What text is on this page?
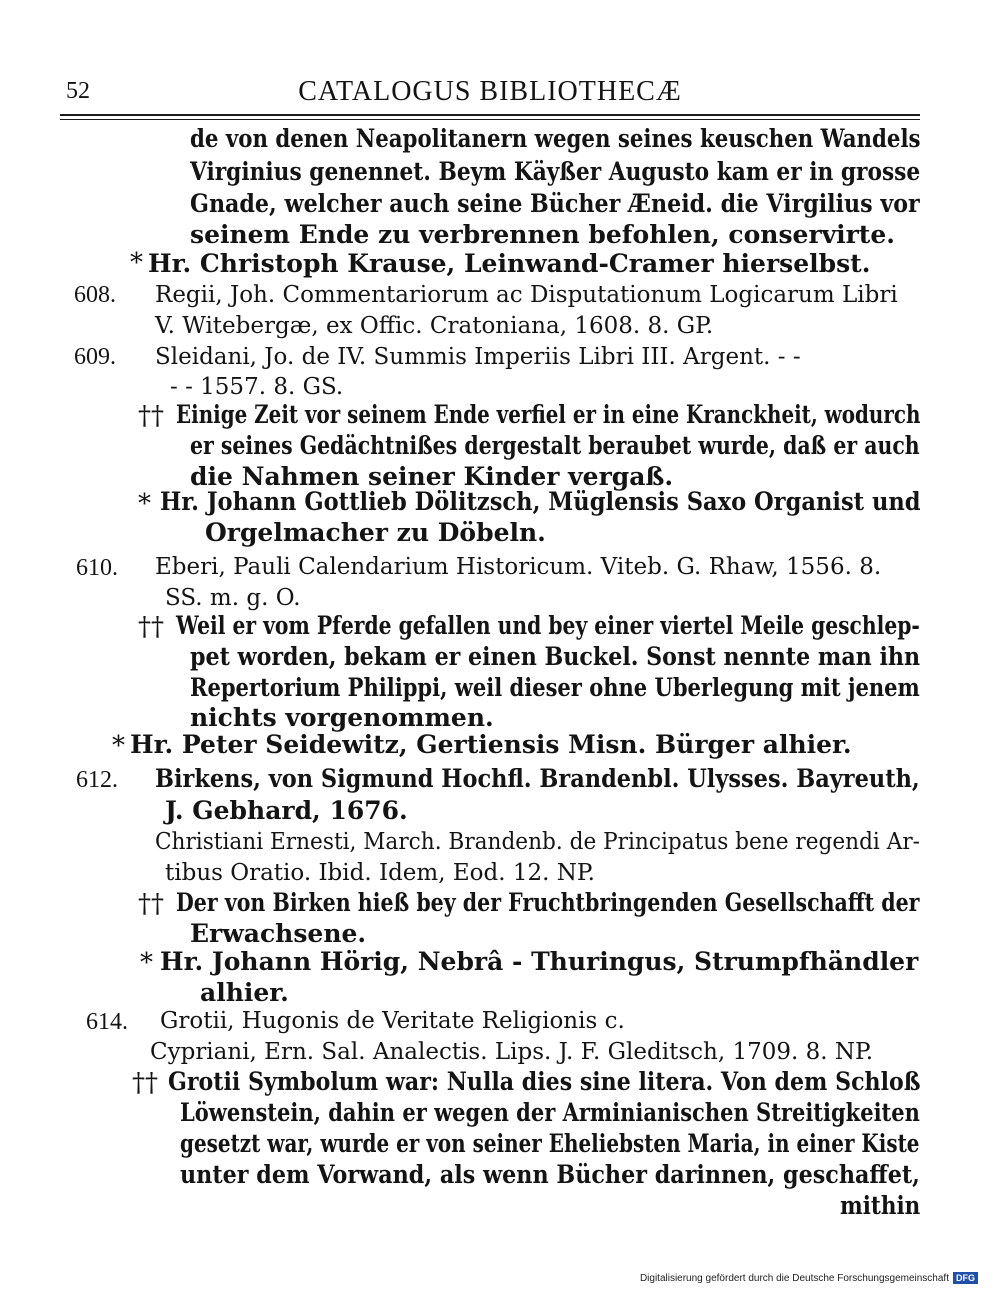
52	CATALOGUS BIBLIOTHECÆ
de von denen Neapolitanern wegen seines keuschen Wandels
Virginius genennet. Beym Käyßer Augusto kam er in grosse
Gnade, welcher auch seine Bücher Æneid. die Virgilius vor
seinem Ende zu verbrennen befohlen, conservirte.
* Hr. Christoph Krause, Leinwand-Cramer hierselbst.
608. Regii, Joh. Commentariorum ac Disputationum Logicarum Libri
V. Witebergæ, ex Offic. Cratoniana, 1608. 8. GP.
609. Sleidani, Jo. de IV. Summis Imperiis Libri III. Argent. - -
- - 1557. 8. GS.
†† Einige Zeit vor seinem Ende verfiel er in eine Kranckheit, wodurch
er seines Gedächtnißes dergestalt beraubet wurde, daß er auch
die Nahmen seiner Kinder vergaß.
* Hr. Johann Gottlieb Dölitzsch, Müglensis Saxo Organist und
Orgelmacher zu Döbeln.
610. Eberi, Pauli Calendarium Historicum. Viteb. G. Rhaw, 1556. 8.
SS. m. g. O.
†† Weil er vom Pferde gefallen und bey einer viertel Meile geschlep-
pet worden, bekam er einen Buckel. Sonst nennte man ihn
Repertorium Philippi, weil dieser ohne Uberlegung mit jenem
nichts vorgenommen.
* Hr. Peter Seidewitz, Gertiensis Misn. Bürger alhier.
612. Birkens, von Sigmund Hochfl. Brandenbl. Ulysses. Bayreuth,
J. Gebhard, 1676.
Christiani Ernesti, March. Brandenb. de Principatus bene regendi Ar-
tibus Oratio. Ibid. Idem, Eod. 12. NP.
†† Der von Birken hieß bey der Fruchtbringenden Gesellschafft der
Erwachsene.
* Hr. Johann Hörig, Nebrâ - Thuringus, Strumpfhändler
alhier.
614. Grotii, Hugonis de Veritate Religionis c.
Cypriani, Ern. Sal. Analectis. Lips. J. F. Gleditsch, 1709. 8. NP.
†† Grotii Symbolum war: Nulla dies sine litera. Von dem Schloß
Löwenstein, dahin er wegen der Arminianischen Streitigkeiten
gesetzt war, wurde er von seiner Eheliebsten Maria, in einer Kiste
unter dem Vorwand, als wenn Bücher darinnen, geschaffet,
mithin
Digitalisierung gefördert durch die Deutsche Forschungsgemeinschaft DFG
